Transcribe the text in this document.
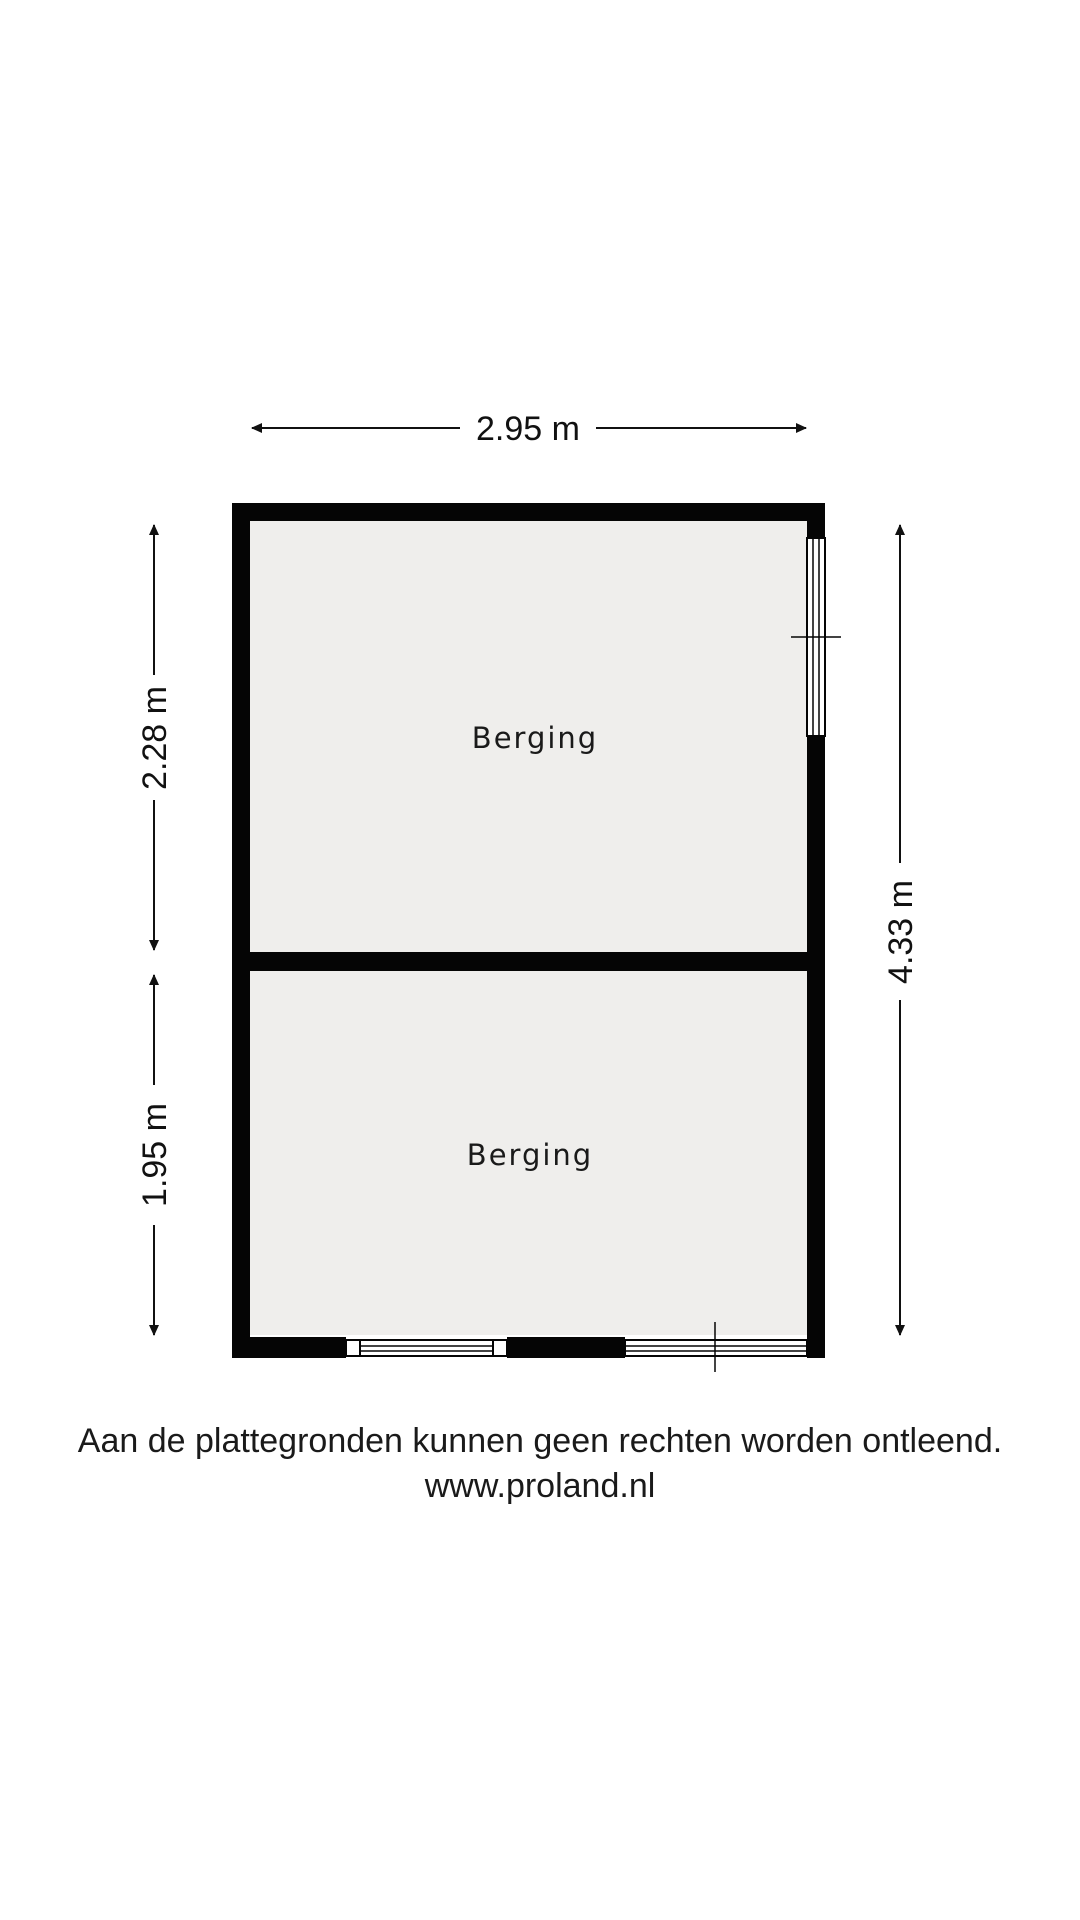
Berging
Berging
2.95 m
4.33 m
2.28 m
1.95 m

Aan de plattegronden kunnen geen rechten worden ontleend.

www.proland.nl
